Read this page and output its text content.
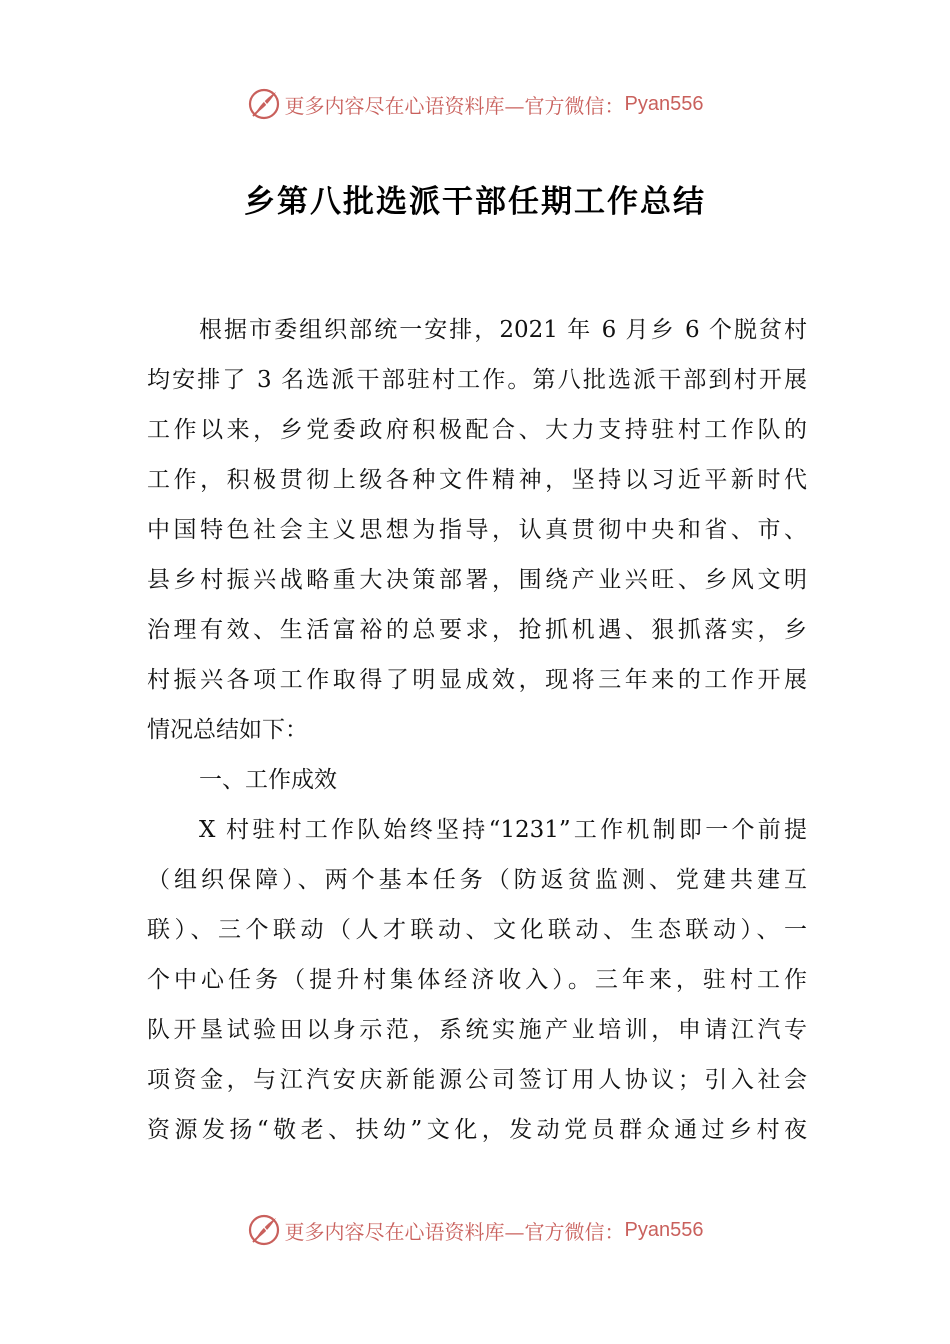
更多内容尽在心语资料库—官方微信： Pyan556
乡第八批选派干部任期工作总结
根据市委组织部统一安排，2021 年 6 月乡 6 个脱贫村
均安排了 3 名选派干部驻村工作。第八批选派干部到村开展
工作以来，乡党委政府积极配合、大力支持驻村工作队的
工作，积极贯彻上级各种文件精神，坚持以习近平新时代
中国特色社会主义思想为指导，认真贯彻中央和省、市、
县乡村振兴战略重大决策部署，围绕产业兴旺、乡风文明
治理有效、生活富裕的总要求，抢抓机遇、狠抓落实，乡
村振兴各项工作取得了明显成效，现将三年来的工作开展
情况总结如下：
一、工作成效
X 村驻村工作队始终坚持“1231”工作机制即一个前提
（组织保障）、两个基本任务（防返贫监测、党建共建互
联）、三个联动（人才联动、文化联动、生态联动）、一
个中心任务（提升村集体经济收入）。三年来，驻村工作
队开垦试验田以身示范，系统实施产业培训，申请江汽专
项资金，与江汽安庆新能源公司签订用人协议；引入社会
资源发扬“敬老、扶幼”文化，发动党员群众通过乡村夜
更多内容尽在心语资料库—官方微信： Pyan556
